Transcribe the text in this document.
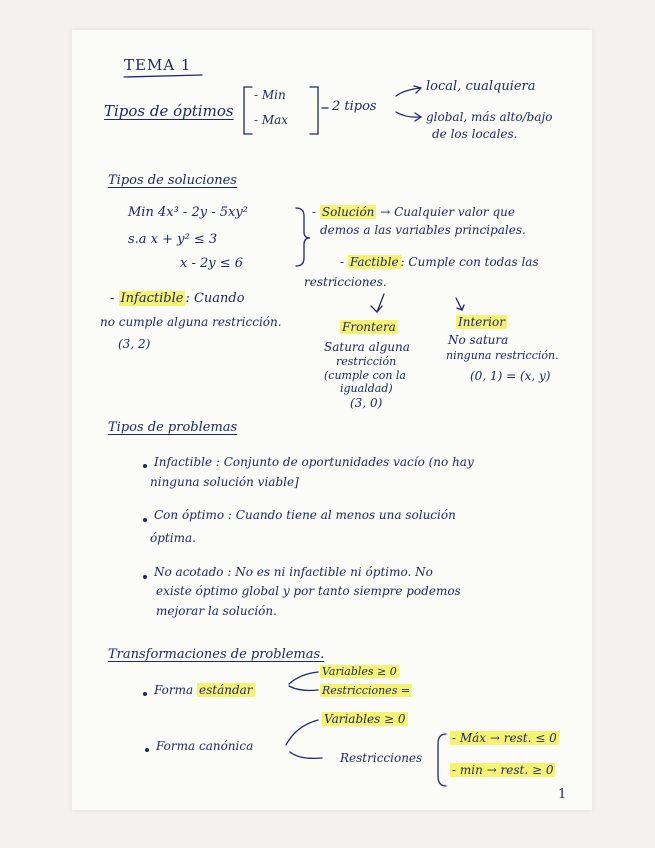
TEMA 1
Tipos de óptimos
- Min
- Max
2 tipos
local, cualquiera
global, más alto/bajo
de los locales.
Tipos de soluciones
Min 4x³ - 2y - 5xy²
s.a x + y² ≤ 3
x - 2y ≤ 6
- Solución → Cualquier valor que
demos a las variables principales.
- Factible : Cumple con todas las
restricciones.
- Infactible : Cuando
no cumple alguna restricción.
(3, 2)
Frontera
Satura alguna
restricción
(cumple con la
igualdad)
(3, 0)
Interior
No satura
ninguna restricción.
(0, 1) = (x, y)
Tipos de problemas
Infactible : Conjunto de oportunidades vacío (no hay
ninguna solución viable]
Con óptimo : Cuando tiene al menos una solución
óptima.
No acotado : No es ni infactible ni óptimo. No
existe óptimo global y por tanto siempre podemos
mejorar la solución.
Transformaciones de problemas.
Forma estándar
Variables ≥ 0
Restricciones =
Forma canónica
Variables ≥ 0
Restricciones
- Máx → rest. ≤ 0
- min → rest. ≥ 0
1
